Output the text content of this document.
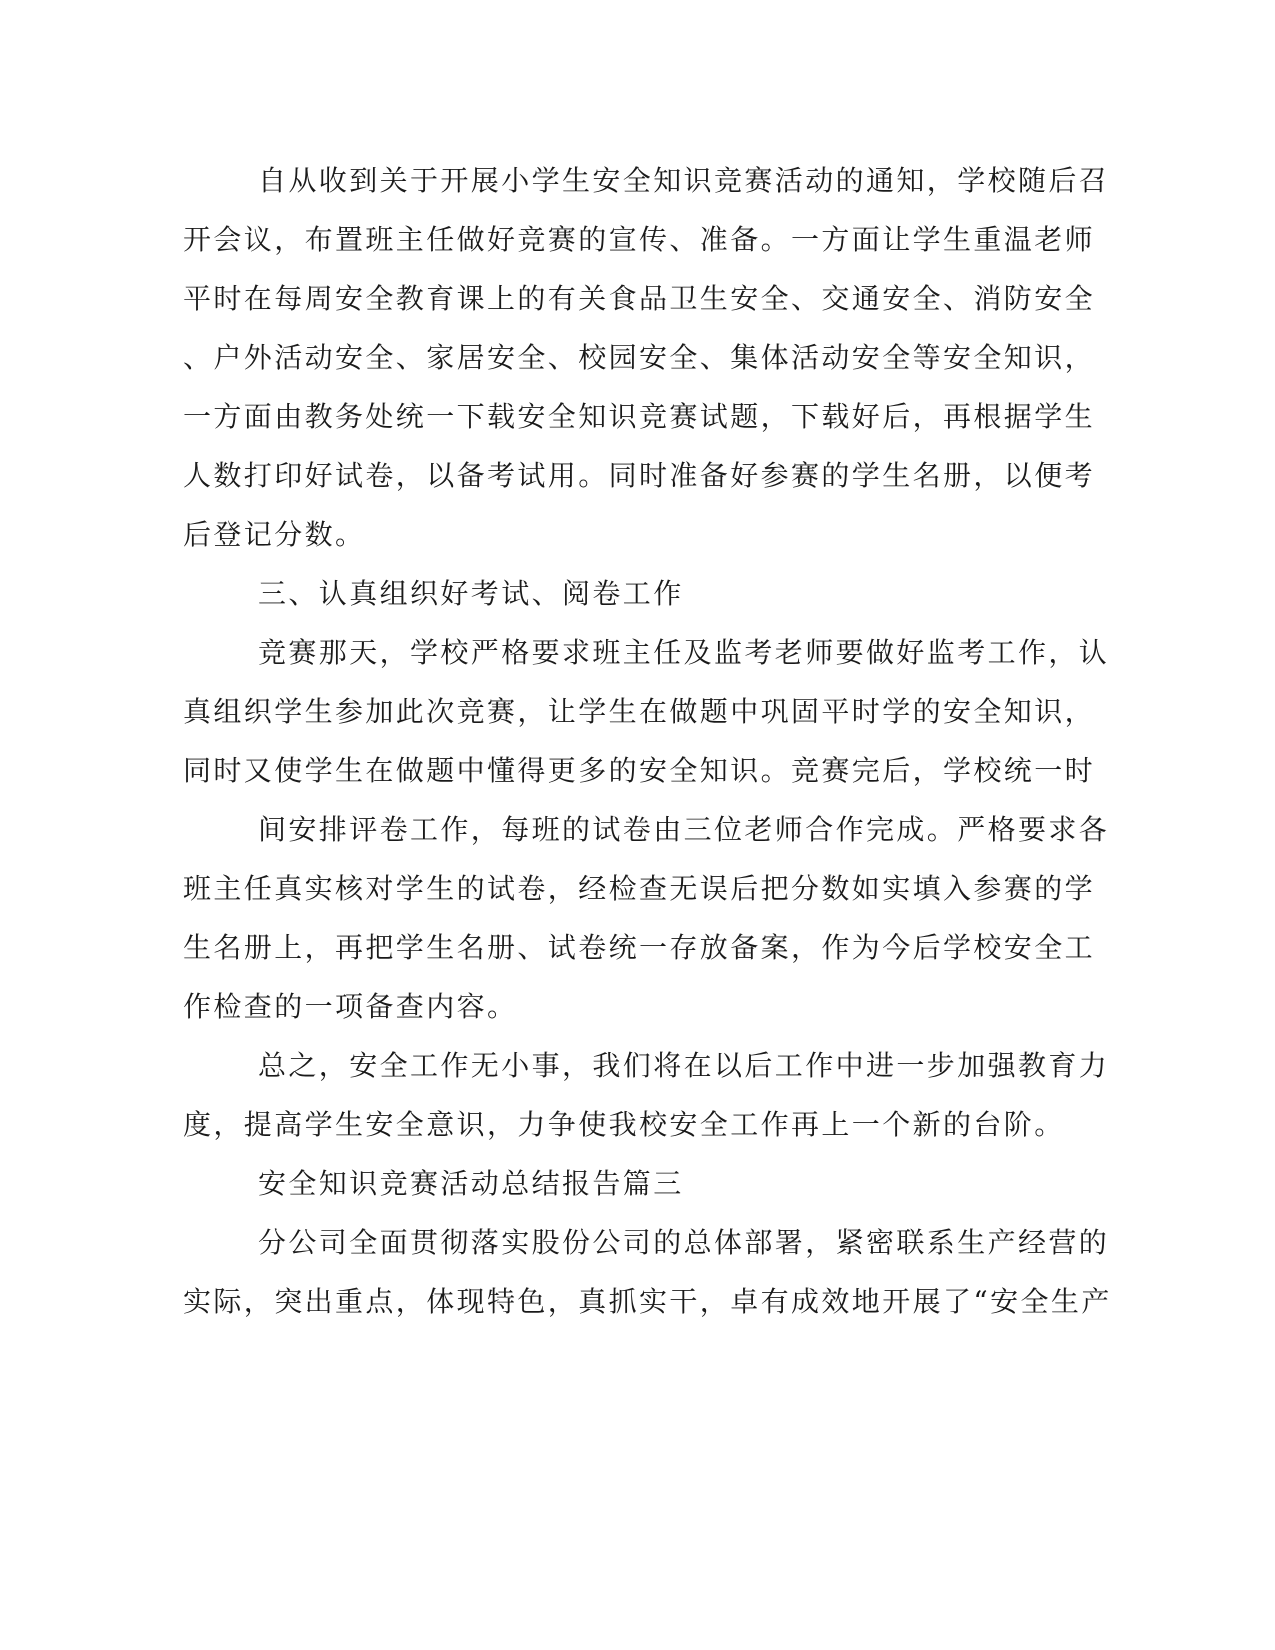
自从收到关于开展小学生安全知识竞赛活动的通知，学校随后召
开会议，布置班主任做好竞赛的宣传、准备。一方面让学生重温老师
平时在每周安全教育课上的有关食品卫生安全、交通安全、消防安全
、户外活动安全、家居安全、校园安全、集体活动安全等安全知识，
一方面由教务处统一下载安全知识竞赛试题，下载好后，再根据学生
人数打印好试卷，以备考试用。同时准备好参赛的学生名册，以便考
后登记分数。
三、认真组织好考试、阅卷工作
竞赛那天，学校严格要求班主任及监考老师要做好监考工作，认
真组织学生参加此次竞赛，让学生在做题中巩固平时学的安全知识，
同时又使学生在做题中懂得更多的安全知识。竞赛完后，学校统一时
间安排评卷工作，每班的试卷由三位老师合作完成。严格要求各
班主任真实核对学生的试卷，经检查无误后把分数如实填入参赛的学
生名册上，再把学生名册、试卷统一存放备案，作为今后学校安全工
作检查的一项备查内容。
总之，安全工作无小事，我们将在以后工作中进一步加强教育力
度，提高学生安全意识，力争使我校安全工作再上一个新的台阶。
安全知识竞赛活动总结报告篇三
分公司全面贯彻落实股份公司的总体部署，紧密联系生产经营的
实际，突出重点，体现特色，真抓实干，卓有成效地开展了“安全生产
